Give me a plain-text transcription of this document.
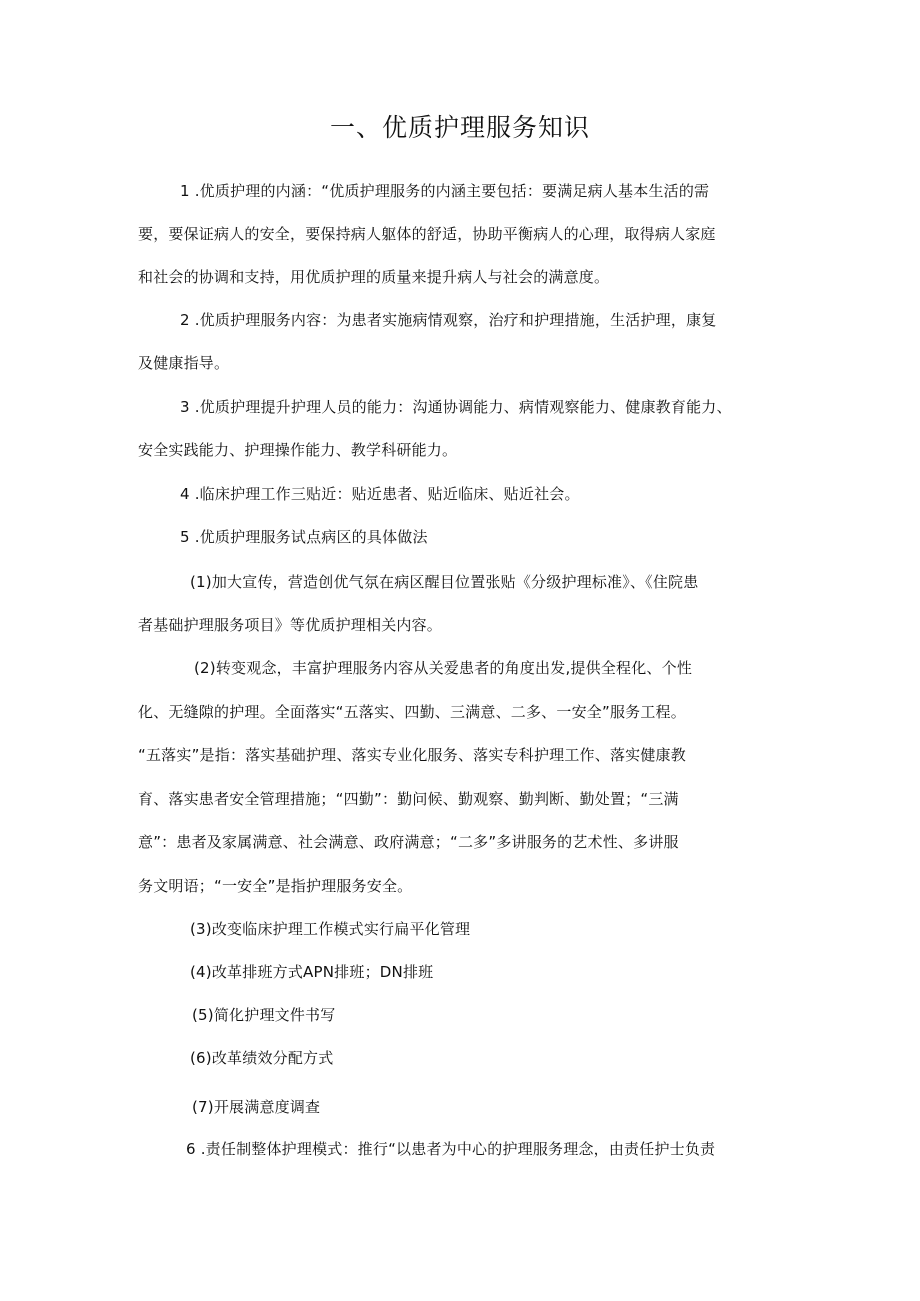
一、优质护理服务知识
1 .优质护理的内涵：“优质护理服务的内涵主要包括：要满足病人基本生活的需
要，要保证病人的安全，要保持病人躯体的舒适，协助平衡病人的心理，取得病人家庭
和社会的协调和支持，用优质护理的质量来提升病人与社会的满意度。
2 .优质护理服务内容：为患者实施病情观察，治疗和护理措施，生活护理，康复
及健康指导。
3 .优质护理提升护理人员的能力：沟通协调能力、病情观察能力、健康教育能力、
安全实践能力、护理操作能力、教学科研能力。
4 .临床护理工作三贴近：贴近患者、贴近临床、贴近社会。
5 .优质护理服务试点病区的具体做法
(1)加大宣传，营造创优气氛在病区醒目位置张贴《分级护理标准》、《住院患
者基础护理服务项目》等优质护理相关内容。
(2)转变观念，丰富护理服务内容从关爱患者的角度出发,提供全程化、个性
化、无缝隙的护理。全面落实“五落实、四勤、三满意、二多、一安全”服务工程。
“五落实”是指：落实基础护理、落实专业化服务、落实专科护理工作、落实健康教
育、落实患者安全管理措施；“四勤”：勤问候、勤观察、勤判断、勤处置；“三满
意”：患者及家属满意、社会满意、政府满意；“二多”多讲服务的艺术性、多讲服
务文明语；“一安全”是指护理服务安全。
(3)改变临床护理工作模式实行扁平化管理
(4)改革排班方式APN排班；DN排班
(5)简化护理文件书写
(6)改革绩效分配方式
(7)开展满意度调查
6 .责任制整体护理模式：推行“以患者为中心的护理服务理念，由责任护士负责
